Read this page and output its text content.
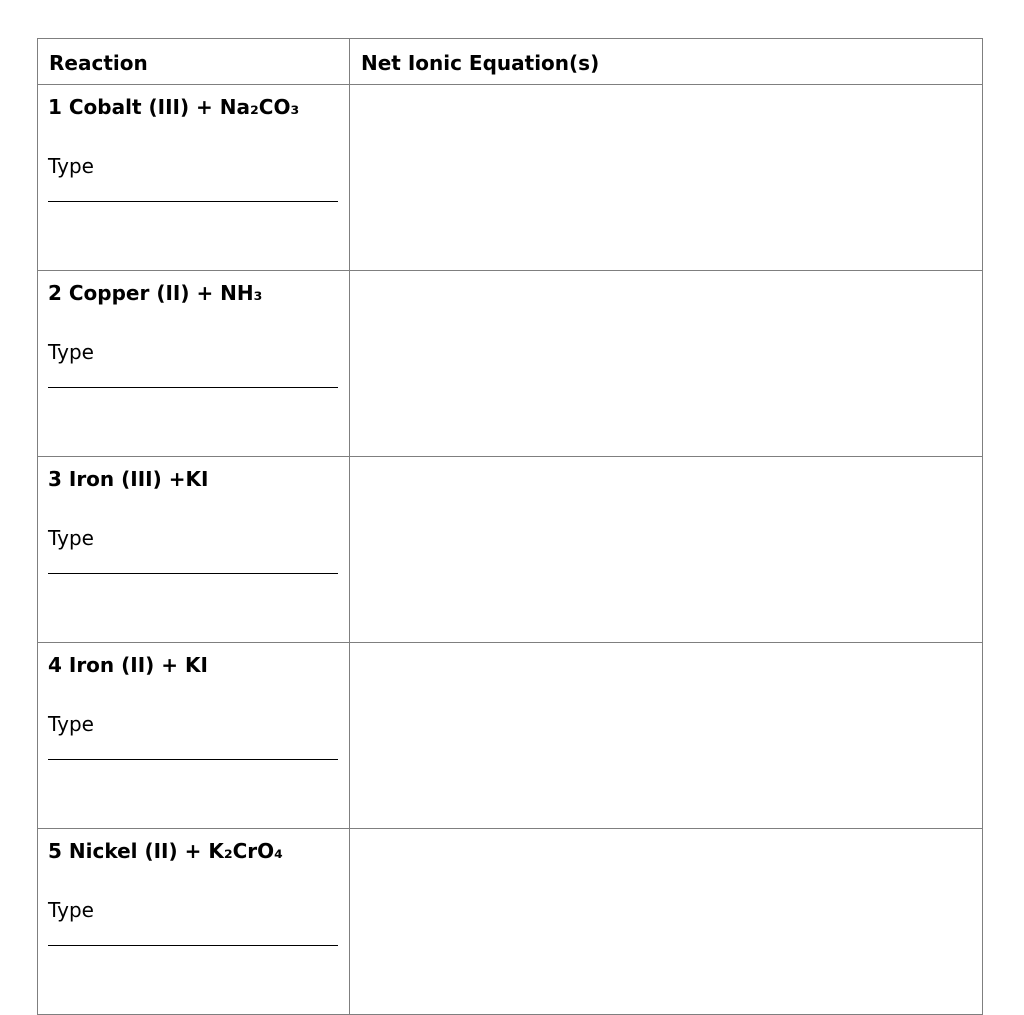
Reaction	Net Ionic Equation(s)

1 Cobalt (III) + Na₂CO₃
Type	

2 Copper (II) + NH₃
Type	

3 Iron (III) +KI
Type	

4 Iron (II) + KI
Type	

5 Nickel (II) + K₂CrO₄
Type	
